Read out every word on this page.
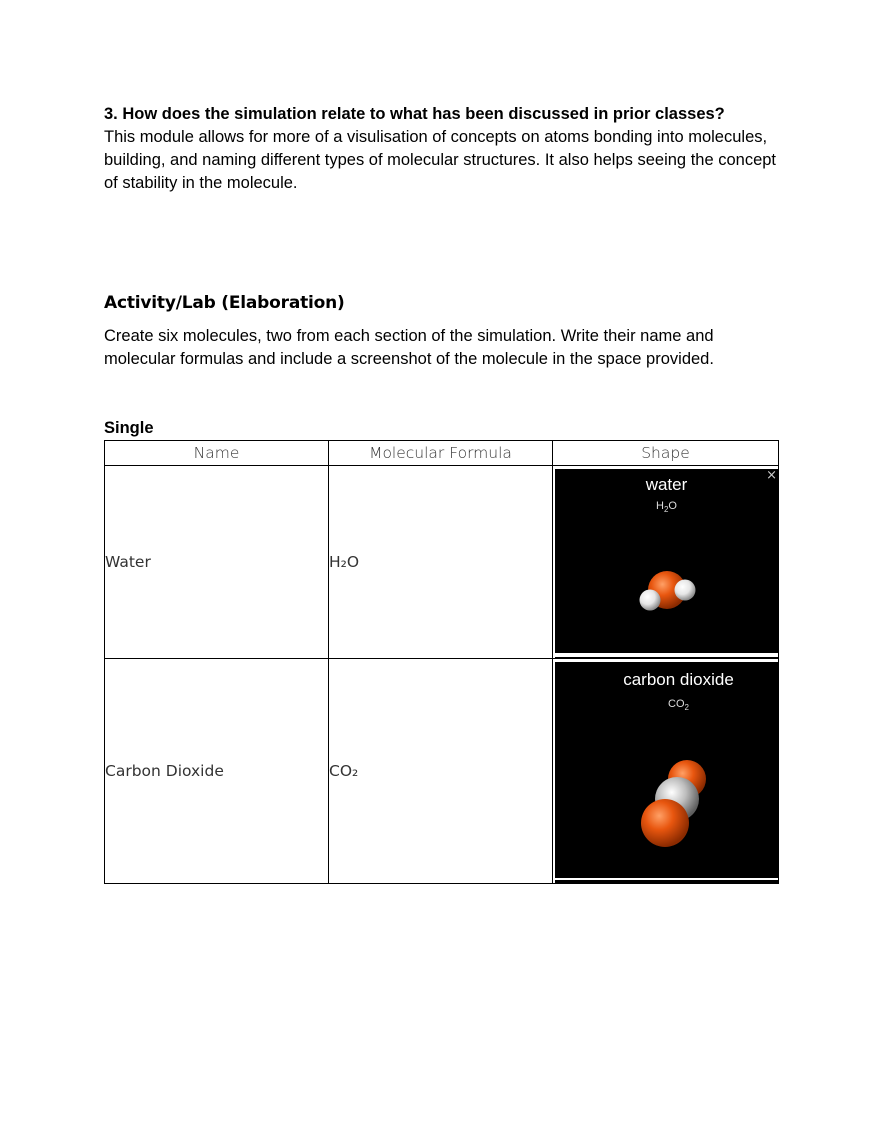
3. How does the simulation relate to what has been discussed in prior classes?
This module allows for more of a visulisation of concepts on atoms bonding into molecules, building, and naming different types of molecular structures. It also helps seeing the concept of stability in the molecule.
Activity/Lab (Elaboration)
Create six molecules, two from each section of the simulation. Write their name and molecular formulas and include a screenshot of the molecule in the space provided.
Single
Name	Molecular Formula	Shape
Water	H₂O	water
$H_2O$
×

Carbon Dioxide	CO₂	carbon dioxide
$CO_2$
